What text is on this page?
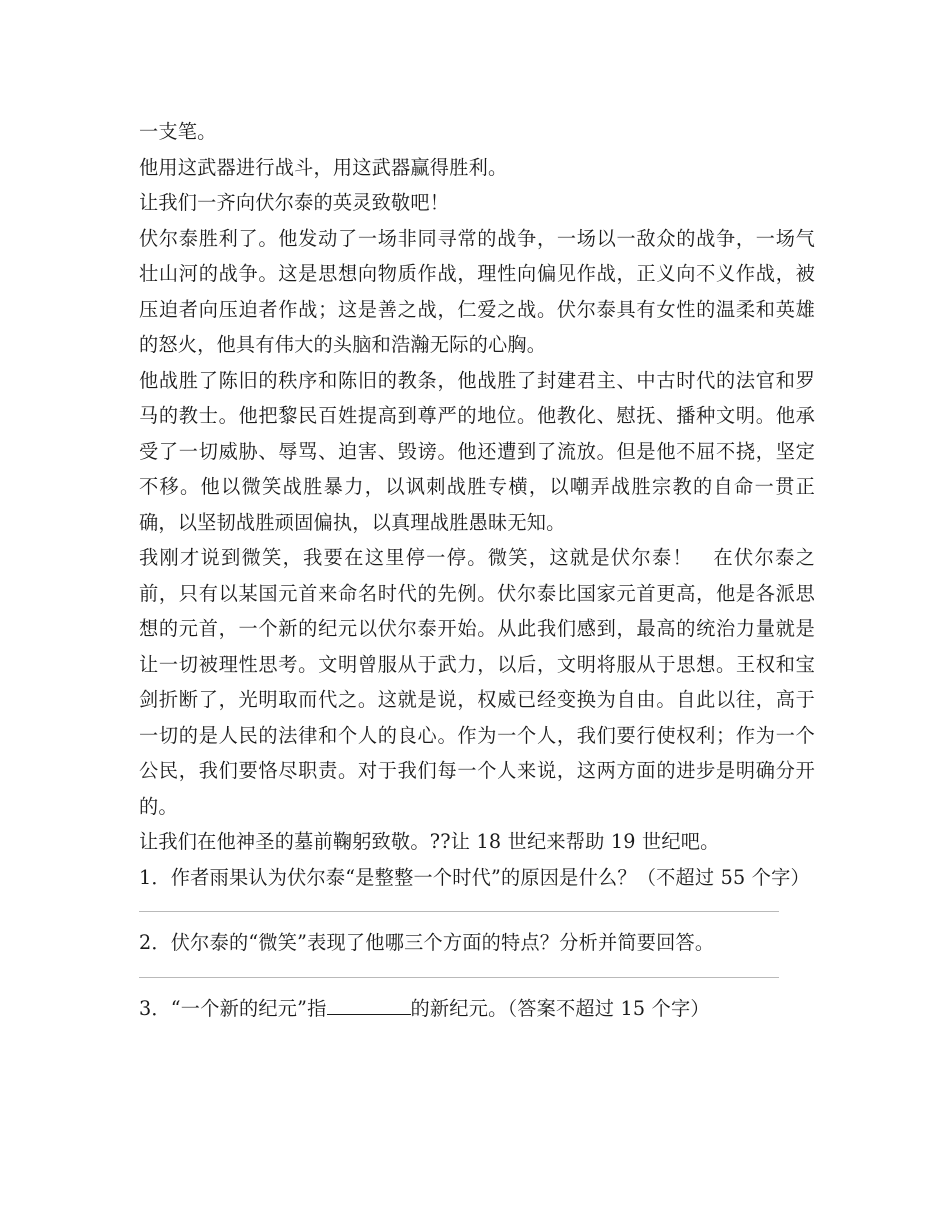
一支笔。

他用这武器进行战斗，用这武器赢得胜利。

让我们一齐向伏尔泰的英灵致敬吧！

伏尔泰胜利了。他发动了一场非同寻常的战争，一场以一敌众的战争，一场气壮山河的战争。这是思想向物质作战，理性向偏见作战，正义向不义作战，被压迫者向压迫者作战；这是善之战，仁爱之战。伏尔泰具有女性的温柔和英雄的怒火，他具有伟大的头脑和浩瀚无际的心胸。

他战胜了陈旧的秩序和陈旧的教条，他战胜了封建君主、中古时代的法官和罗马的教士。他把黎民百姓提高到尊严的地位。他教化、慰抚、播种文明。他承受了一切威胁、辱骂、迫害、毁谤。他还遭到了流放。但是他不屈不挠，坚定不移。他以微笑战胜暴力，以讽刺战胜专横，以嘲弄战胜宗教的自命一贯正确，以坚韧战胜顽固偏执，以真理战胜愚昧无知。

我刚才说到微笑，我要在这里停一停。微笑，这就是伏尔泰！　在伏尔泰之前，只有以某国元首来命名时代的先例。伏尔泰比国家元首更高，他是各派思想的元首，一个新的纪元以伏尔泰开始。从此我们感到，最高的统治力量就是让一切被理性思考。文明曾服从于武力，以后，文明将服从于思想。王权和宝剑折断了，光明取而代之。这就是说，权威已经变换为自由。自此以往，高于一切的是人民的法律和个人的良心。作为一个人，我们要行使权利；作为一个公民，我们要恪尽职责。对于我们每一个人来说，这两方面的进步是明确分开的。

让我们在他神圣的墓前鞠躬致敬。??让 18 世纪来帮助 19 世纪吧。

1．作者雨果认为伏尔泰“是整整一个时代”的原因是什么？（不超过 55 个字）

2．伏尔泰的“微笑”表现了他哪三个方面的特点？分析并简要回答。

3．“一个新的纪元”指	的新纪元。（答案不超过 15 个字）
